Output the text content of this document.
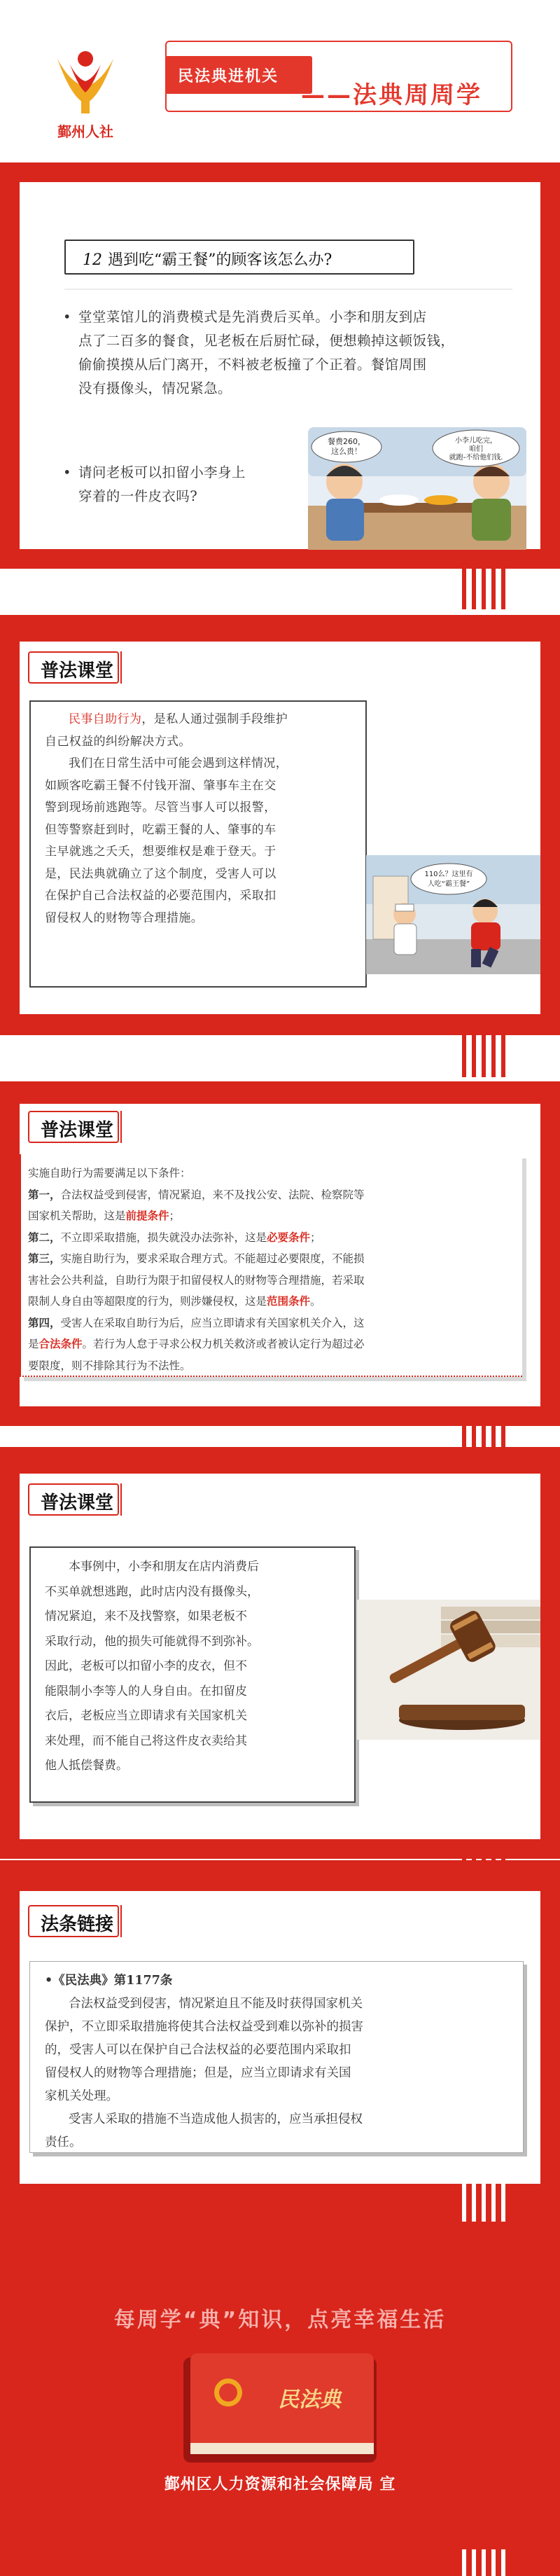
鄞州人社
民法典进机关
——法典周周学
12 遇到吃“霸王餐”的顾客该怎么办?
• 堂堂菜馆儿的消费模式是先消费后买单。小李和朋友到店
点了二百多的餐食，见老板在后厨忙碌，便想赖掉这顿饭钱，
偷偷摸摸从后门离开，不料被老板撞了个正着。餐馆周围
没有摄像头，情况紧急。
• 请问老板可以扣留小李身上
穿着的一件皮衣吗?
餐费260，
这么贵！
小李儿吃完，
咱们
就跑-不给他们钱.
普法课堂
民事自助行为，是私人通过强制手段维护
自己权益的纠纷解决方式。
我们在日常生活中可能会遇到这样情况，
如顾客吃霸王餐不付钱开溜、肇事车主在交
警到现场前逃跑等。尽管当事人可以报警，
但等警察赶到时，吃霸王餐的人、肇事的车
主早就逃之夭夭，想要维权是难于登天。于
是，民法典就确立了这个制度，受害人可以
在保护自己合法权益的必要范围内，采取扣
留侵权人的财物等合理措施。
110么？这里有
人吃“霸王餐”
普法课堂
实施自助行为需要满足以下条件：
第一，合法权益受到侵害，情况紧迫，来不及找公安、法院、检察院等
国家机关帮助，这是前提条件；
第二，不立即采取措施，损失就没办法弥补，这是必要条件；
第三，实施自助行为，要求采取合理方式。不能超过必要限度，不能损
害社会公共利益，自助行为限于扣留侵权人的财物等合理措施，若采取
限制人身自由等超限度的行为，则涉嫌侵权，这是范围条件。
第四，受害人在采取自助行为后，应当立即请求有关国家机关介入，这
是合法条件。若行为人怠于寻求公权力机关救济或者被认定行为超过必
要限度，则不排除其行为不法性。
普法课堂
本事例中，小李和朋友在店内消费后
不买单就想逃跑，此时店内没有摄像头，
情况紧迫，来不及找警察，如果老板不
采取行动，他的损失可能就得不到弥补。
因此，老板可以扣留小李的皮衣，但不
能限制小李等人的人身自由。在扣留皮
衣后，老板应当立即请求有关国家机关
来处理，而不能自己将这件皮衣卖给其
他人抵偿餐费。
法条链接
•《民法典》第1177条
合法权益受到侵害，情况紧迫且不能及时获得国家机关
保护，不立即采取措施将使其合法权益受到难以弥补的损害
的，受害人可以在保护自己合法权益的必要范围内采取扣
留侵权人的财物等合理措施；但是，应当立即请求有关国
家机关处理。
受害人采取的措施不当造成他人损害的，应当承担侵权
责任。
民法典
每周学“典”知识，点亮幸福生活
鄞州区人力资源和社会保障局 宣
